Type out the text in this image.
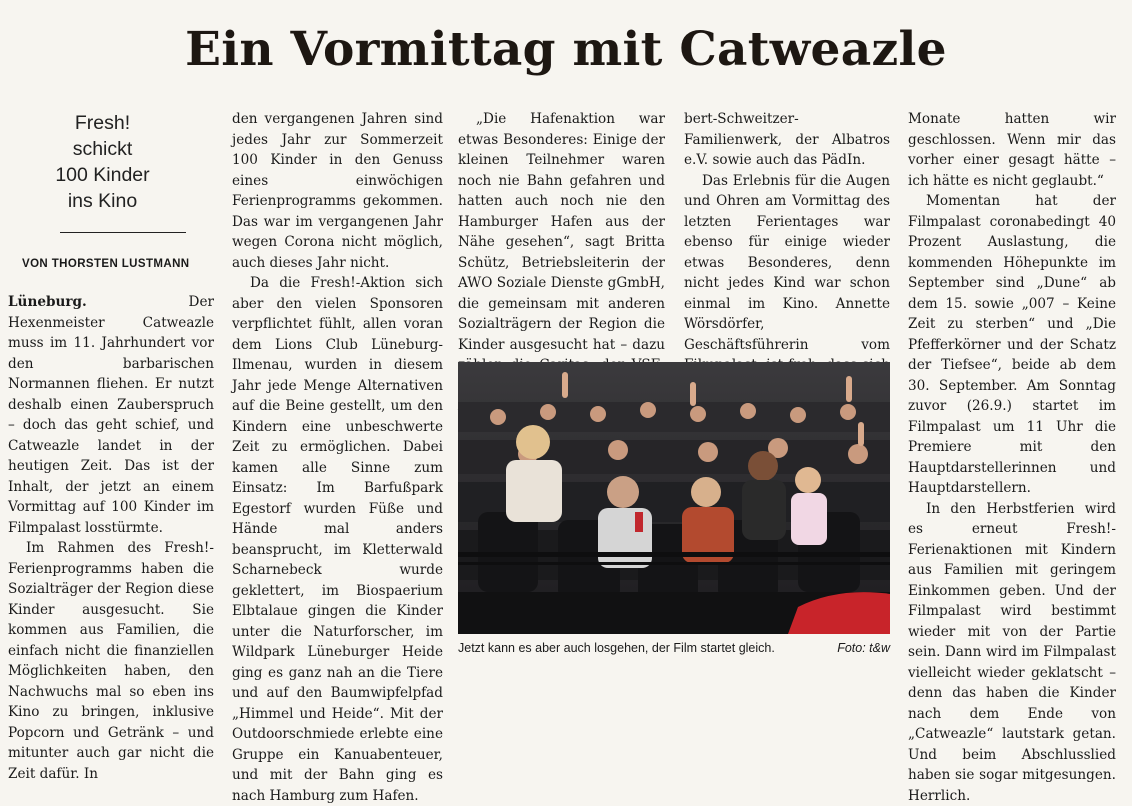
Ein Vormittag mit Catweazle
Fresh!
schickt
100 Kinder
ins Kino
VON THORSTEN LUSTMANN

Lüneburg. Der Hexenmeister Catweazle muss im 11. Jahrhundert vor den barbarischen Normannen fliehen. Er nutzt deshalb einen Zauberspruch – doch das geht schief, und Catweazle landet in der heutigen Zeit. Das ist der Inhalt, der jetzt an einem Vormittag auf 100 Kinder im Filmpalast losstürmte.

Im Rahmen des Fresh!-Ferienprogramms haben die Sozialträger der Region diese Kinder ausgesucht. Sie kommen aus Familien, die einfach nicht die finanziellen Möglichkeiten haben, den Nachwuchs mal so eben ins Kino zu bringen, inklusive Popcorn und Getränk – und mitunter auch gar nicht die Zeit dafür. In

den vergangenen Jahren sind jedes Jahr zur Sommerzeit 100 Kinder in den Genuss eines einwöchigen Ferienprogramms gekommen. Das war im vergangenen Jahr wegen Corona nicht möglich, auch dieses Jahr nicht.

Da die Fresh!-Aktion sich aber den vielen Sponsoren verpflichtet fühlt, allen voran dem Lions Club Lüneburg-Ilmenau, wurden in diesem Jahr jede Menge Alternativen auf die Beine gestellt, um den Kindern eine unbeschwerte Zeit zu ermöglichen. Dabei kamen alle Sinne zum Einsatz: Im Barfußpark Egestorf wurden Füße und Hände mal anders beansprucht, im Kletterwald Scharnebeck wurde geklettert, im Biospaerium Elbtalaue gingen die Kinder unter die Naturforscher, im Wildpark Lüneburger Heide ging es ganz nah an die Tiere und auf den Baumwipfelpfad „Himmel und Heide“. Mit der Outdoorschmiede erlebte eine Gruppe ein Kanuabenteuer, und mit der Bahn ging es nach Hamburg zum Hafen.

„Die Hafenaktion war etwas Besonderes: Einige der kleinen Teilnehmer waren noch nie Bahn gefahren und hatten auch noch nie den Hamburger Hafen aus der Nähe gesehen“, sagt Britta Schütz, Betriebsleiterin der AWO Soziale Dienste gGmbH, die gemeinsam mit anderen Sozialträgern der Region die Kinder ausgesucht hat – dazu

bert-Schweitzer-Familienwerk, der Albatros e.V. sowie auch das PädIn.

Das Erlebnis für die Augen und Ohren am Vormittag des letzten Ferientages war ebenso für einige wieder etwas Besonderes, denn nicht jedes Kind war schon einmal im Kino. Annette Wörsdörfer, Geschäftsführerin vom

Monate hatten wir geschlossen. Wenn mir das vorher einer gesagt hätte – ich hätte es nicht geglaubt.“

Momentan hat der Filmpalast coronabedingt 40 Prozent Auslastung, die kommenden Höhepunkte im September sind „Dune“ ab dem 15. sowie „007 – Keine Zeit zu sterben“ und „Die Pfefferkörner und der Schatz der Tiefsee“, beide ab dem 30. September. Am Sonntag zuvor (26.9.) startet im Filmpalast um 11 Uhr die Premiere mit den Hauptdarstellerinnen und Hauptdarstellern.

In den Herbstferien wird es erneut Fresh!-Ferienaktionen mit Kindern aus Familien mit geringem Einkommen geben. Und der Filmpalast wird bestimmt wieder mit von der Partie sein. Dann wird im Filmpalast vielleicht wieder geklatscht – denn das haben die Kinder nach dem Ende von „Catweazle“ lautstark getan. Und beim Abschlusslied haben sie sogar mitgesungen. Herrlich.

Jetzt kann es aber auch losgehen, der Film startet gleich.	Foto: t&w
